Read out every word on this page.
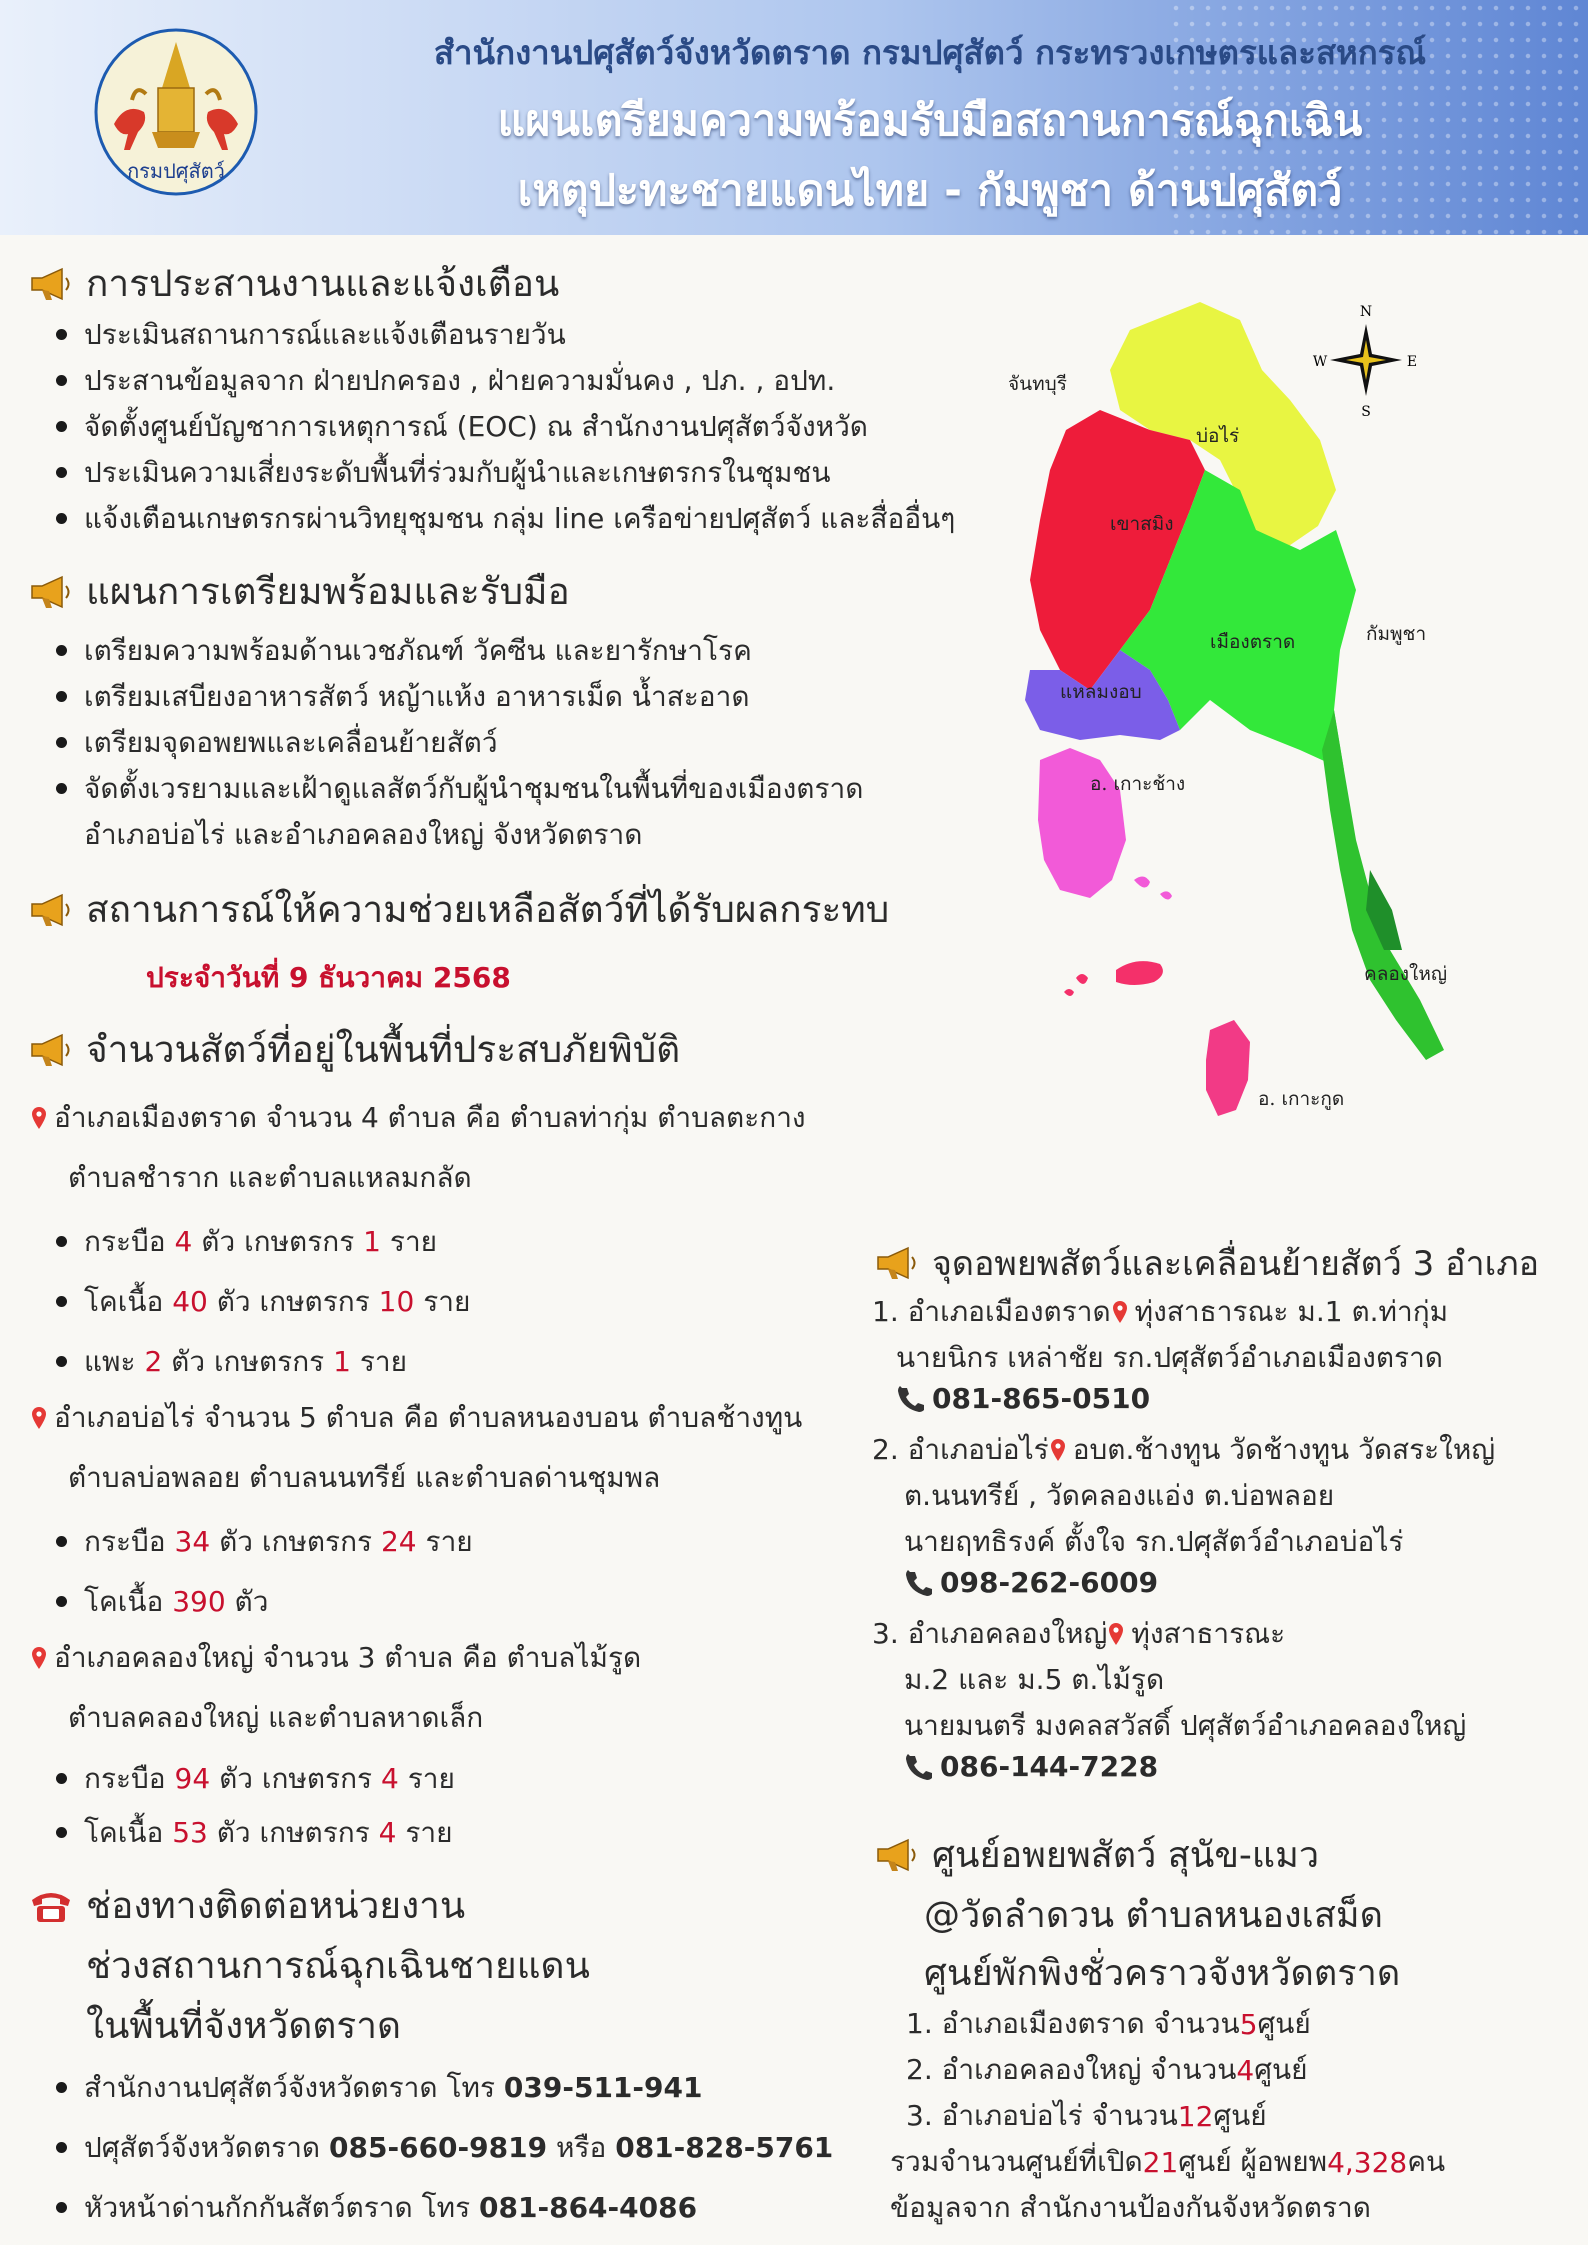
กรมปศุสัตว์
สำนักงานปศุสัตว์จังหวัดตราด กรมปศุสัตว์ กระทรวงเกษตรและสหกรณ์
แผนเตรียมความพร้อมรับมือสถานการณ์ฉุกเฉิน
เหตุปะทะชายแดนไทย - กัมพูชา ด้านปศุสัตว์
การประสานงานและแจ้งเตือน
ประเมินสถานการณ์และแจ้งเตือนรายวัน
ประสานข้อมูลจาก ฝ่ายปกครอง , ฝ่ายความมั่นคง , ปภ. , อปท.
จัดตั้งศูนย์บัญชาการเหตุการณ์ (EOC) ณ สำนักงานปศุสัตว์จังหวัด
ประเมินความเสี่ยงระดับพื้นที่ร่วมกับผู้นำและเกษตรกรในชุมชน
แจ้งเตือนเกษตรกรผ่านวิทยุชุมชน กลุ่ม line เครือข่ายปศุสัตว์ และสื่ออื่นๆ
แผนการเตรียมพร้อมและรับมือ
เตรียมความพร้อมด้านเวชภัณฑ์ วัคซีน และยารักษาโรค
เตรียมเสบียงอาหารสัตว์ หญ้าแห้ง อาหารเม็ด น้ำสะอาด
เตรียมจุดอพยพและเคลื่อนย้ายสัตว์
จัดตั้งเวรยามและเฝ้าดูแลสัตว์กับผู้นำชุมชนในพื้นที่ของเมืองตราด
อำเภอบ่อไร่ และอำเภอคลองใหญ่ จังหวัดตราด
สถานการณ์ให้ความช่วยเหลือสัตว์ที่ได้รับผลกระทบ
ประจำวันที่ 9 ธันวาคม 2568
จำนวนสัตว์ที่อยู่ในพื้นที่ประสบภัยพิบัติ
อำเภอเมืองตราด จำนวน 4 ตำบล คือ ตำบลท่ากุ่ม ตำบลตะกาง
ตำบลชำราก และตำบลแหลมกลัด
กระบือ 4 ตัว เกษตรกร 1 ราย
โคเนื้อ 40 ตัว เกษตรกร 10 ราย
แพะ 2 ตัว เกษตรกร 1 ราย
อำเภอบ่อไร่ จำนวน 5 ตำบล คือ ตำบลหนองบอน ตำบลช้างทูน
ตำบลบ่อพลอย ตำบลนนทรีย์ และตำบลด่านชุมพล
กระบือ 34 ตัว เกษตรกร 24 ราย
โคเนื้อ 390 ตัว
อำเภอคลองใหญ่ จำนวน 3 ตำบล คือ ตำบลไม้รูด
ตำบลคลองใหญ่ และตำบลหาดเล็ก
กระบือ 94 ตัว เกษตรกร 4 ราย
โคเนื้อ 53 ตัว เกษตรกร 4 ราย
ช่องทางติดต่อหน่วยงาน
ช่วงสถานการณ์ฉุกเฉินชายแดน
ในพื้นที่จังหวัดตราด
สำนักงานปศุสัตว์จังหวัดตราด โทร 039-511-941
ปศุสัตว์จังหวัดตราด 085-660-9819 หรือ 081-828-5761
หัวหน้าด่านกักกันสัตว์ตราด โทร 081-864-4086
N
S
E
W
จันทบุรี
บ่อไร่
เขาสมิง
เมืองตราด	กัมพูชา
แหลมงอบ
อ. เกาะช้าง
คลองใหญ่
อ. เกาะกูด
จุดอพยพสัตว์และเคลื่อนย้ายสัตว์ 3 อำเภอ
1. อำเภอเมืองตราด ทุ่งสาธารณะ ม.1 ต.ท่ากุ่ม
นายนิกร เหล่าชัย รก.ปศุสัตว์อำเภอเมืองตราด
081-865-0510
2. อำเภอบ่อไร่ อบต.ช้างทูน วัดช้างทูน วัดสระใหญ่
ต.นนทรีย์ , วัดคลองแอ่ง ต.บ่อพลอย
นายฤทธิรงค์ ตั้งใจ รก.ปศุสัตว์อำเภอบ่อไร่
098-262-6009
3. อำเภอคลองใหญ่ ทุ่งสาธารณะ
ม.2 และ ม.5 ต.ไม้รูด
นายมนตรี มงคลสวัสดิ์ ปศุสัตว์อำเภอคลองใหญ่
086-144-7228
ศูนย์อพยพสัตว์ สุนัข-แมว
@วัดลำดวน ตำบลหนองเสม็ด
ศูนย์พักพิงชั่วคราวจังหวัดตราด
1. อำเภอเมืองตราด จำนวน 5 ศูนย์
2. อำเภอคลองใหญ่ จำนวน 4 ศูนย์
3. อำเภอบ่อไร่ จำนวน 12 ศูนย์
รวมจำนวนศูนย์ที่เปิด 21 ศูนย์ ผู้อพยพ 4,328 คน
ข้อมูลจาก สำนักงานป้องกันจังหวัดตราด
